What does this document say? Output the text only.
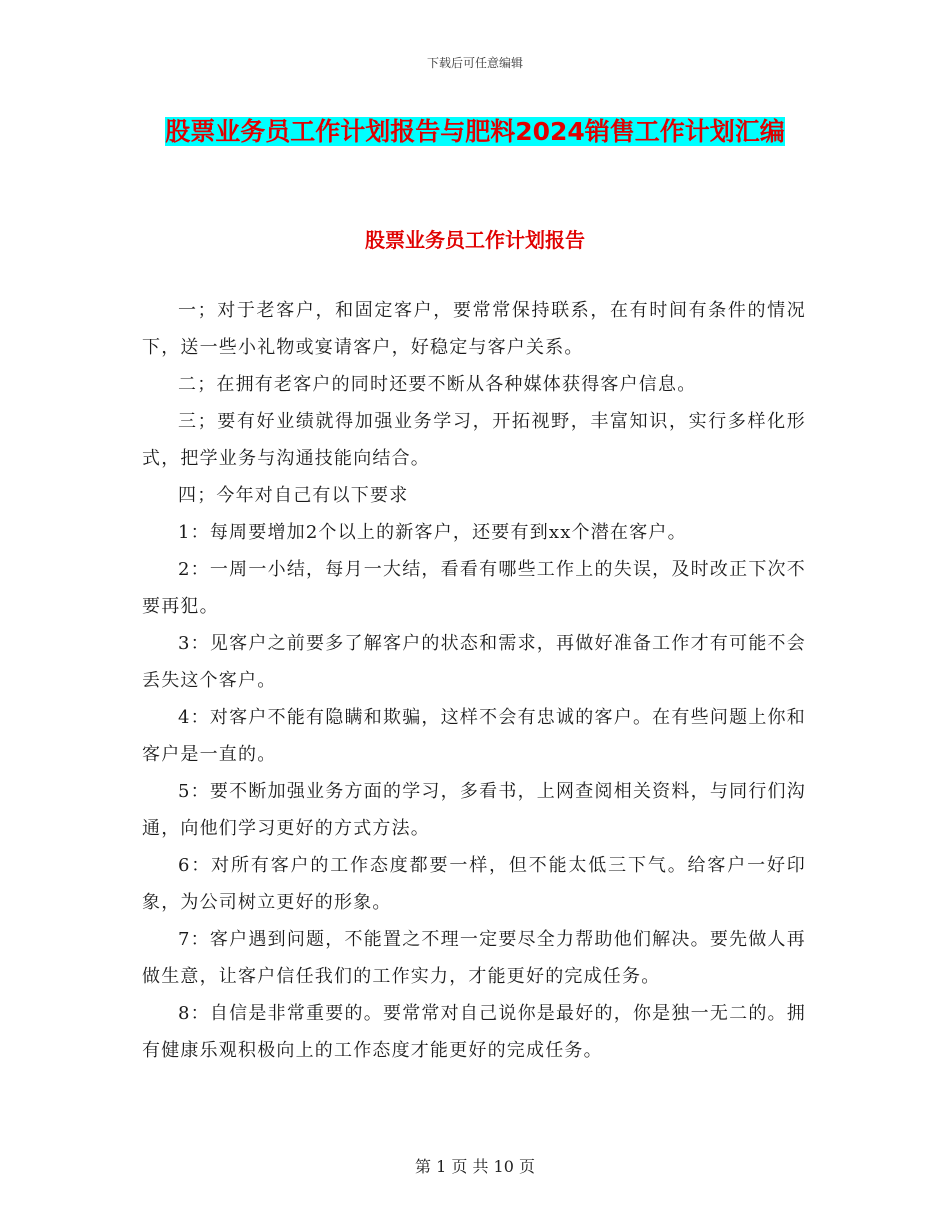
下载后可任意编辑
股票业务员工作计划报告与肥料2024销售工作计划汇编
股票业务员工作计划报告

一；对于老客户，和固定客户，要常常保持联系，在有时间有条件的情况下，送一些小礼物或宴请客户，好稳定与客户关系。

二；在拥有老客户的同时还要不断从各种媒体获得客户信息。

三；要有好业绩就得加强业务学习，开拓视野，丰富知识，实行多样化形式，把学业务与沟通技能向结合。

四；今年对自己有以下要求

1：每周要增加2个以上的新客户，还要有到xx个潜在客户。

2：一周一小结，每月一大结，看看有哪些工作上的失误，及时改正下次不要再犯。

3：见客户之前要多了解客户的状态和需求，再做好准备工作才有可能不会丢失这个客户。

4：对客户不能有隐瞒和欺骗，这样不会有忠诚的客户。在有些问题上你和客户是一直的。

5：要不断加强业务方面的学习，多看书，上网查阅相关资料，与同行们沟通，向他们学习更好的方式方法。

6：对所有客户的工作态度都要一样，但不能太低三下气。给客户一好印象，为公司树立更好的形象。

7：客户遇到问题，不能置之不理一定要尽全力帮助他们解决。要先做人再做生意，让客户信任我们的工作实力，才能更好的完成任务。

8：自信是非常重要的。要常常对自己说你是最好的，你是独一无二的。拥有健康乐观积极向上的工作态度才能更好的完成任务。

第 1 页 共 10 页
